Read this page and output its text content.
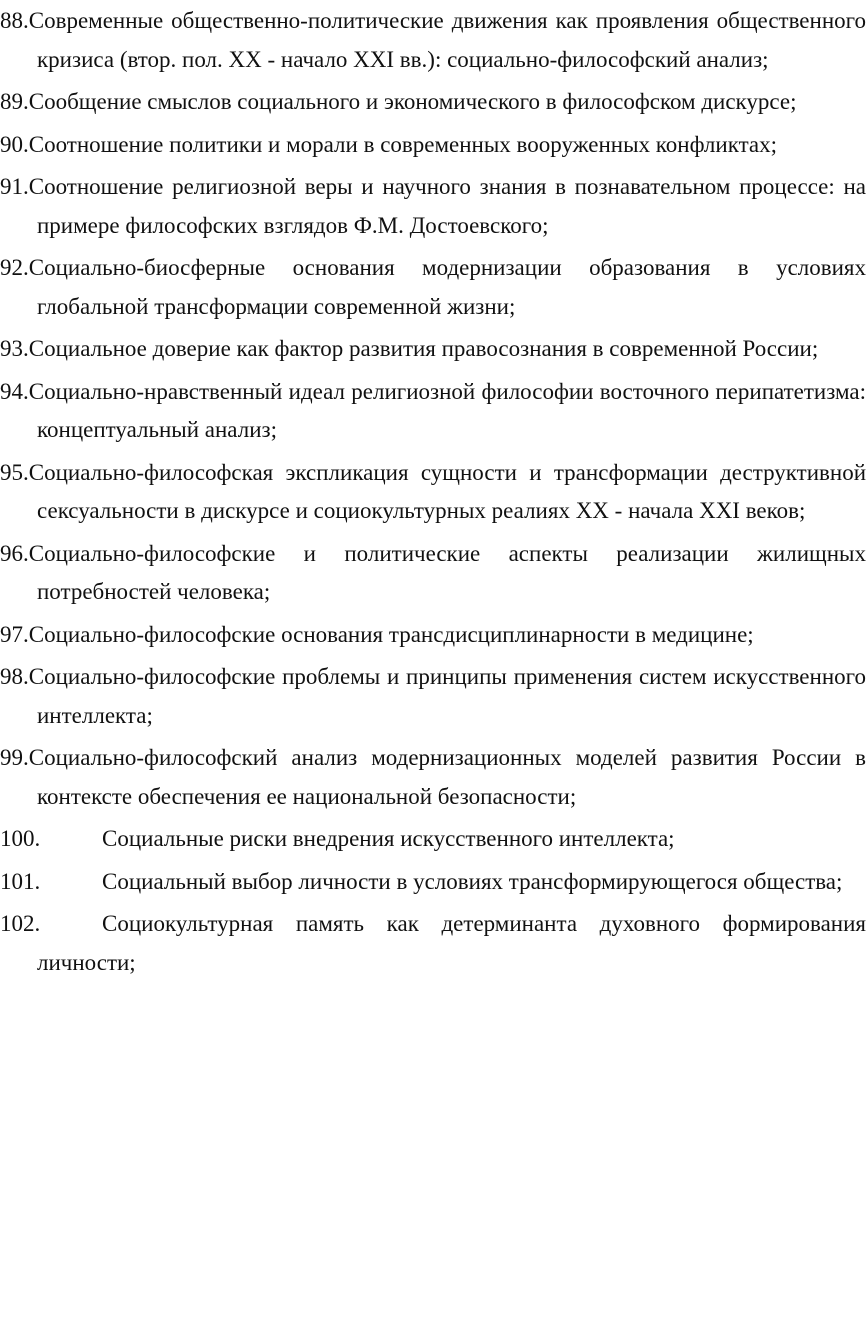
88.Современные общественно-политические движения как проявления общественного кризиса (втор. пол. XX - начало XXI вв.): социально-философский анализ;
89.Сообщение смыслов социального и экономического в философском дискурсе;
90.Соотношение политики и морали в современных вооруженных конфликтах;
91.Соотношение религиозной веры и научного знания в познавательном процессе: на примере философских взглядов Ф.М. Достоевского;
92.Социально-биосферные основания модернизации образования в условиях глобальной трансформации современной жизни;
93.Социальное доверие как фактор развития правосознания в современной России;
94.Социально-нравственный идеал религиозной философии восточного перипатетизма: концептуальный анализ;
95.Социально-философская экспликация сущности и трансформации деструктивной сексуальности в дискурсе и социокультурных реалиях XX - начала XXI веков;
96.Социально-философские и политические аспекты реализации жилищных потребностей человека;
97.Социально-философские основания трансдисциплинарности в медицине;
98.Социально-философские проблемы и принципы применения систем искусственного интеллекта;
99.Социально-философский анализ модернизационных моделей развития России в контексте обеспечения ее национальной безопасности;
100.	Социальные риски внедрения искусственного интеллекта;
101.	Социальный выбор личности в условиях трансформирующегося общества;
102.	Социокультурная память как детерминанта духовного формирования личности;
